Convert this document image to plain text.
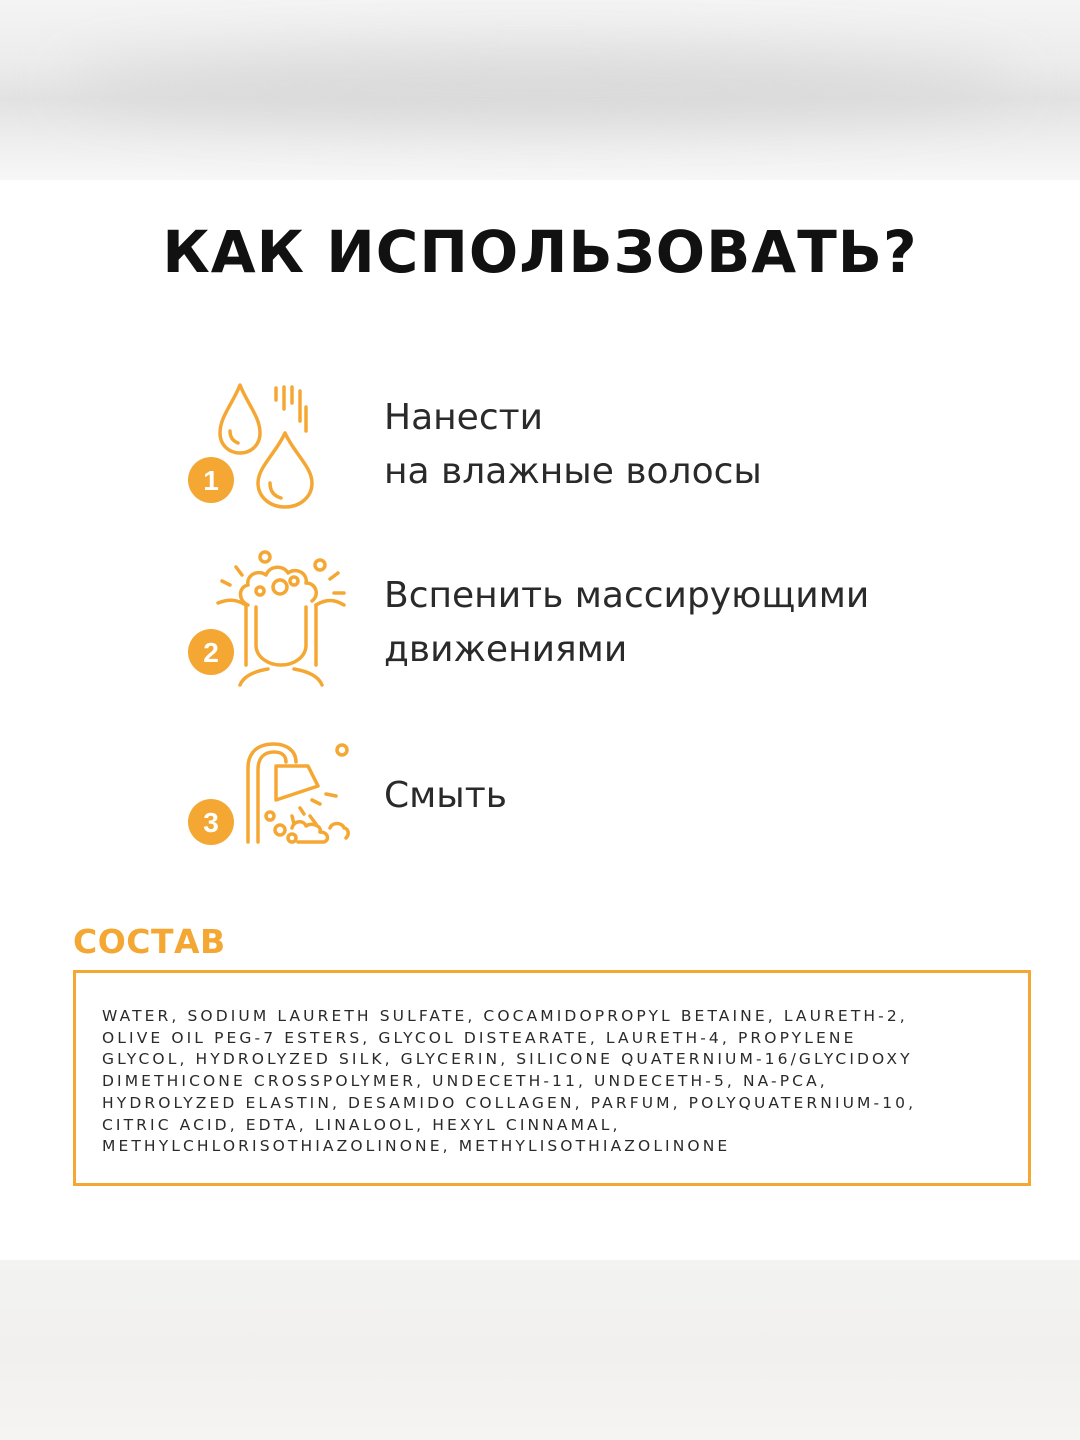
КАК ИСПОЛЬЗОВАТЬ?
1
Нанести
на влажные волосы
2
Вспенить массирующими
движениями
3
Смыть
СОСТАВ
WATER, SODIUM LAURETH SULFATE, COCAMIDOPROPYL BETAINE, LAURETH-2,
OLIVE OIL PEG-7 ESTERS, GLYCOL DISTEARATE, LAURETH-4, PROPYLENE
GLYCOL, HYDROLYZED SILK, GLYCERIN, SILICONE QUATERNIUM-16/GLYCIDOXY
DIMETHICONE CROSSPOLYMER, UNDECETH-11, UNDECETH-5, NA-PCA,
HYDROLYZED ELASTIN, DESAMIDO COLLAGEN, PARFUM, POLYQUATERNIUM-10,
CITRIC ACID, EDTA, LINALOOL, HEXYL CINNAMAL,
METHYLCHLORISOTHIAZOLINONE, METHYLISOTHIAZOLINONE
